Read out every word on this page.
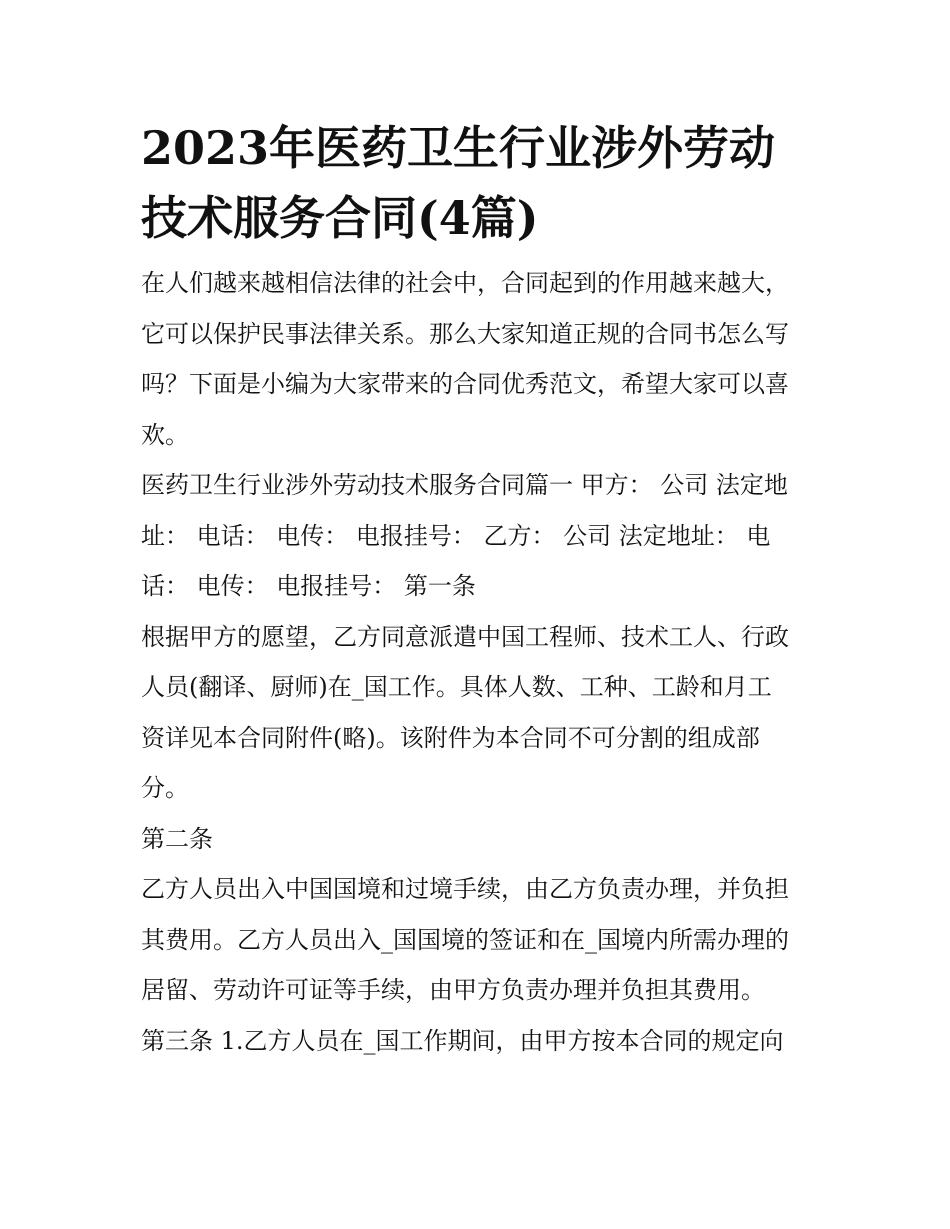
2023年医药卫生行业涉外劳动
技术服务合同(4篇)

在人们越来越相信法律的社会中，合同起到的作用越来越大，
它可以保护民事法律关系。那么大家知道正规的合同书怎么写
吗？下面是小编为大家带来的合同优秀范文，希望大家可以喜
欢。

医药卫生行业涉外劳动技术服务合同篇一 甲方： 公司 法定地
址： 电话： 电传： 电报挂号： 乙方： 公司 法定地址： 电
话： 电传： 电报挂号： 第一条

根据甲方的愿望，乙方同意派遣中国工程师、技术工人、行政
人员(翻译、厨师)在_国工作。具体人数、工种、工龄和月工
资详见本合同附件(略)。该附件为本合同不可分割的组成部
分。

第二条

乙方人员出入中国国境和过境手续，由乙方负责办理，并负担
其费用。乙方人员出入_国国境的签证和在_国境内所需办理的
居留、劳动许可证等手续，由甲方负责办理并负担其费用。

第三条 1.乙方人员在_国工作期间，由甲方按本合同的规定向
